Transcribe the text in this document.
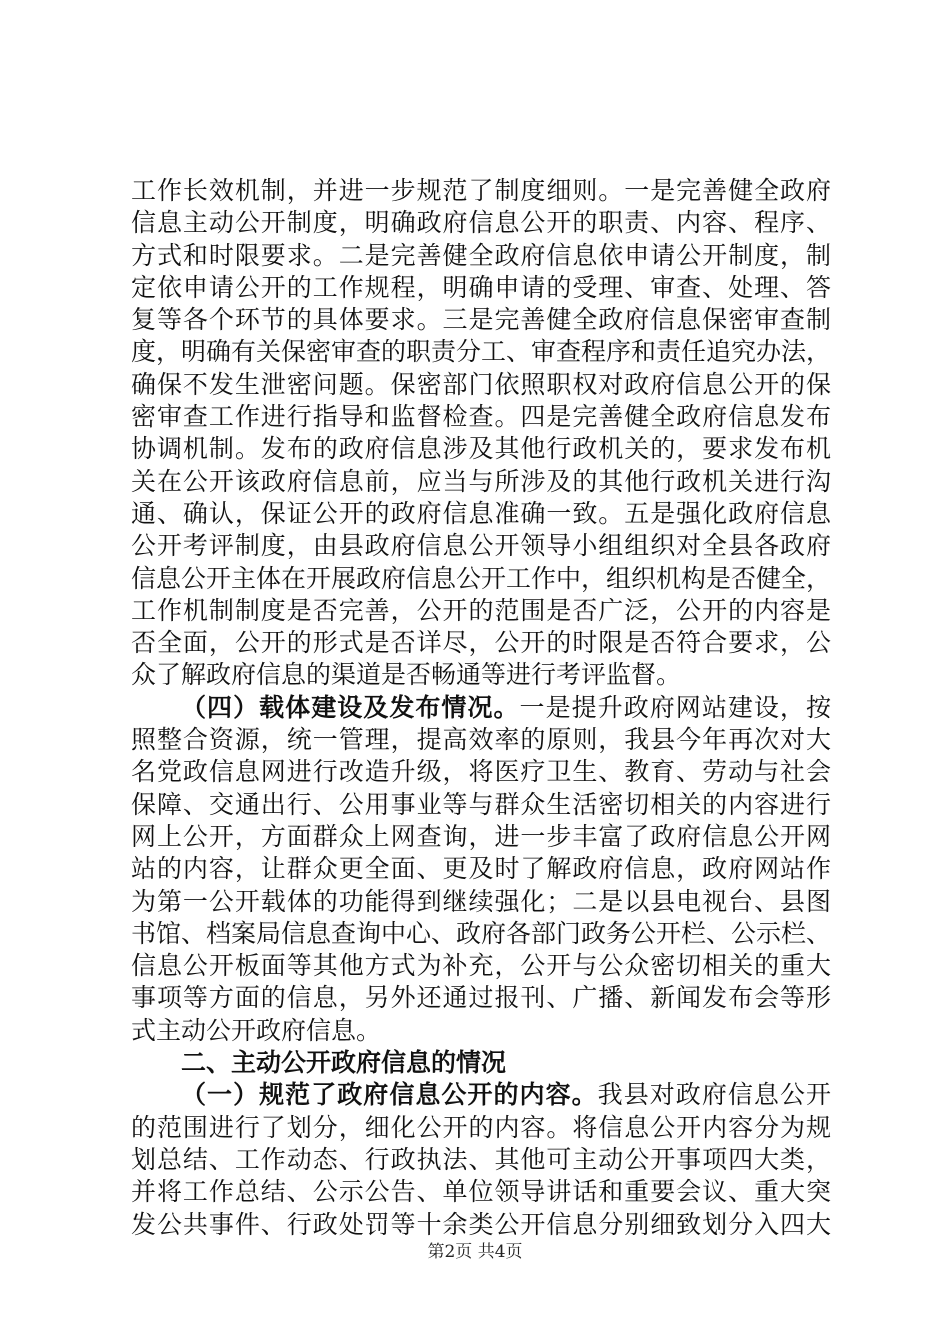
工作长效机制，并进一步规范了制度细则。一是完善健全政府
信息主动公开制度，明确政府信息公开的职责、内容、程序、
方式和时限要求。二是完善健全政府信息依申请公开制度，制
定依申请公开的工作规程，明确申请的受理、审查、处理、答
复等各个环节的具体要求。三是完善健全政府信息保密审查制
度，明确有关保密审查的职责分工、审查程序和责任追究办法，
确保不发生泄密问题。保密部门依照职权对政府信息公开的保
密审查工作进行指导和监督检查。四是完善健全政府信息发布
协调机制。发布的政府信息涉及其他行政机关的，要求发布机
关在公开该政府信息前，应当与所涉及的其他行政机关进行沟
通、确认，保证公开的政府信息准确一致。五是强化政府信息
公开考评制度，由县政府信息公开领导小组组织对全县各政府
信息公开主体在开展政府信息公开工作中，组织机构是否健全，
工作机制制度是否完善，公开的范围是否广泛，公开的内容是
否全面，公开的形式是否详尽，公开的时限是否符合要求，公
众了解政府信息的渠道是否畅通等进行考评监督。
（四）载体建设及发布情况。一是提升政府网站建设，按
照整合资源，统一管理，提高效率的原则，我县今年再次对大
名党政信息网进行改造升级，将医疗卫生、教育、劳动与社会
保障、交通出行、公用事业等与群众生活密切相关的内容进行
网上公开，方面群众上网查询，进一步丰富了政府信息公开网
站的内容，让群众更全面、更及时了解政府信息，政府网站作
为第一公开载体的功能得到继续强化；二是以县电视台、县图
书馆、档案局信息查询中心、政府各部门政务公开栏、公示栏、
信息公开板面等其他方式为补充，公开与公众密切相关的重大
事项等方面的信息，另外还通过报刊、广播、新闻发布会等形
式主动公开政府信息。
二、主动公开政府信息的情况
（一）规范了政府信息公开的内容。我县对政府信息公开
的范围进行了划分，细化公开的内容。将信息公开内容分为规
划总结、工作动态、行政执法、其他可主动公开事项四大类，
并将工作总结、公示公告、单位领导讲话和重要会议、重大突
发公共事件、行政处罚等十余类公开信息分别细致划分入四大
第2页 共4页
